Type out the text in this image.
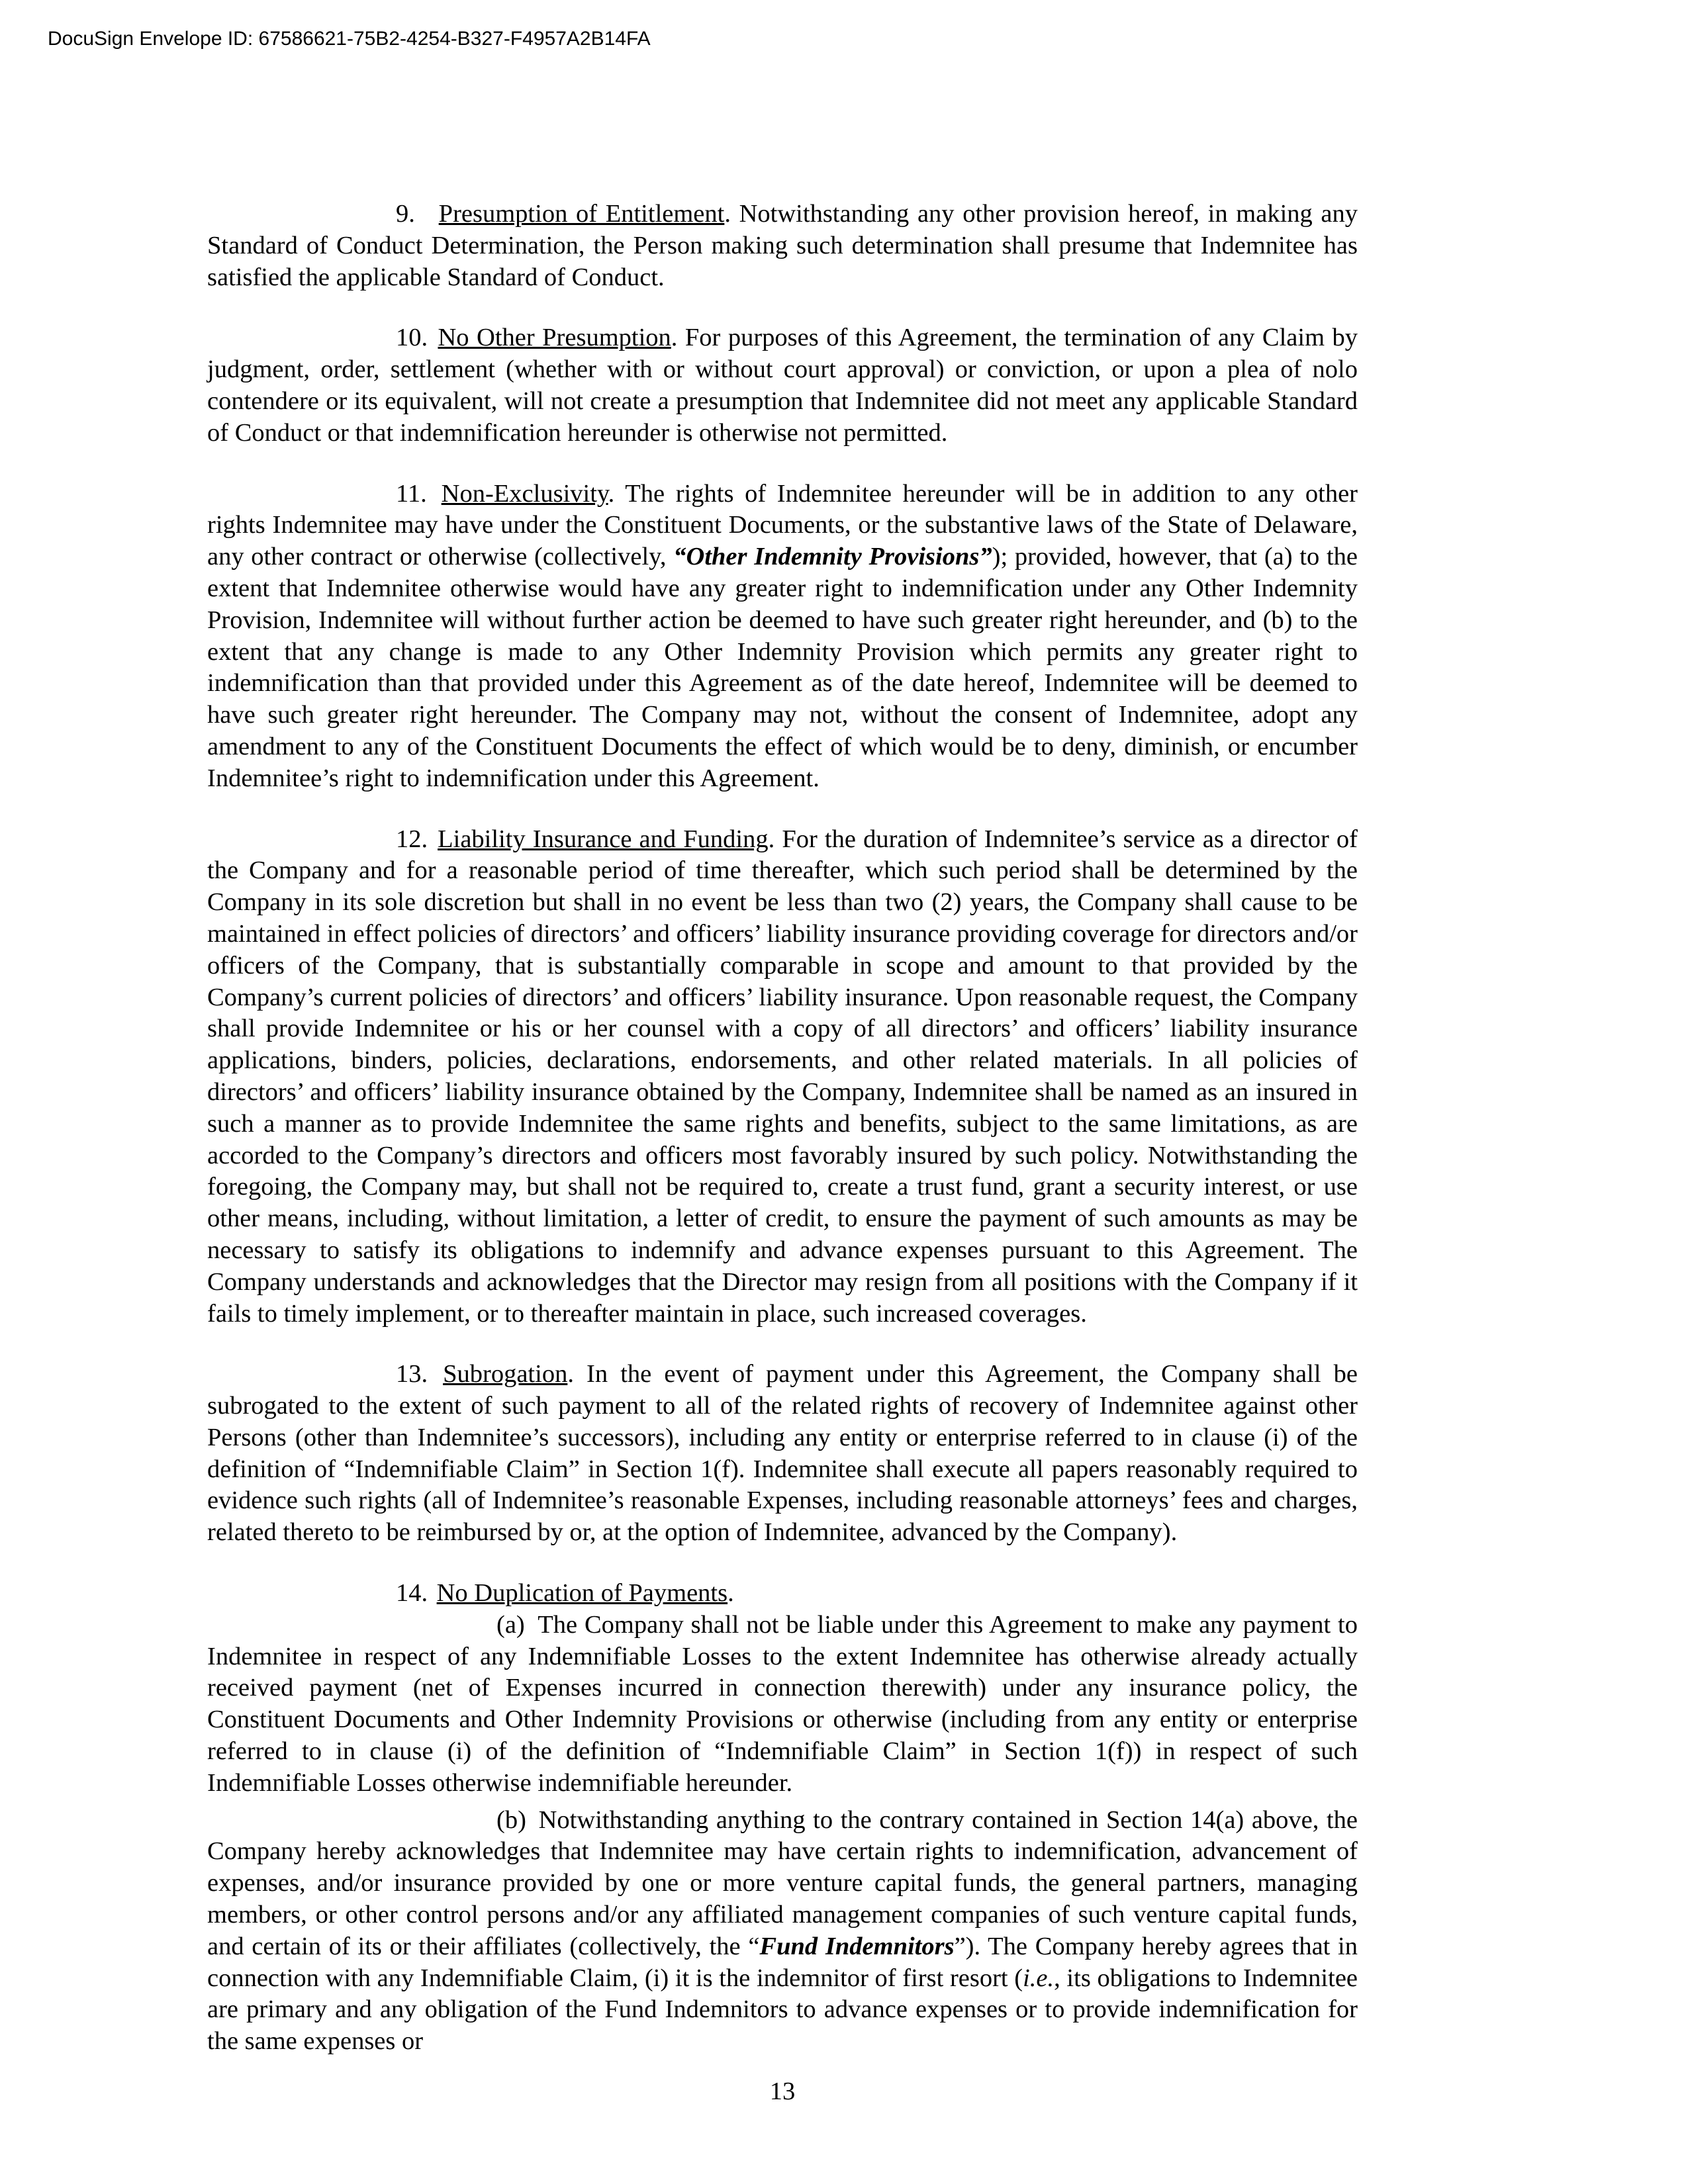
DocuSign Envelope ID: 67586621-75B2-4254-B327-F4957A2B14FA

9. Presumption of Entitlement. Notwithstanding any other provision hereof, in making any Standard of Conduct Determination, the Person making such determination shall presume that Indemnitee has satisfied the applicable Standard of Conduct.

10. No Other Presumption. For purposes of this Agreement, the termination of any Claim by judgment, order, settlement (whether with or without court approval) or conviction, or upon a plea of nolo contendere or its equivalent, will not create a presumption that Indemnitee did not meet any applicable Standard of Conduct or that indemnification hereunder is otherwise not permitted.

11. Non-Exclusivity. The rights of Indemnitee hereunder will be in addition to any other rights Indemnitee may have under the Constituent Documents, or the substantive laws of the State of Delaware, any other contract or otherwise (collectively, “Other Indemnity Provisions”); provided, however, that (a) to the extent that Indemnitee otherwise would have any greater right to indemnification under any Other Indemnity Provision, Indemnitee will without further action be deemed to have such greater right hereunder, and (b) to the extent that any change is made to any Other Indemnity Provision which permits any greater right to indemnification than that provided under this Agreement as of the date hereof, Indemnitee will be deemed to have such greater right hereunder. The Company may not, without the consent of Indemnitee, adopt any amendment to any of the Constituent Documents the effect of which would be to deny, diminish, or encumber Indemnitee’s right to indemnification under this Agreement.

12. Liability Insurance and Funding. For the duration of Indemnitee’s service as a director of the Company and for a reasonable period of time thereafter, which such period shall be determined by the Company in its sole discretion but shall in no event be less than two (2) years, the Company shall cause to be maintained in effect policies of directors’ and officers’ liability insurance providing coverage for directors and/or officers of the Company, that is substantially comparable in scope and amount to that provided by the Company’s current policies of directors’ and officers’ liability insurance. Upon reasonable request, the Company shall provide Indemnitee or his or her counsel with a copy of all directors’ and officers’ liability insurance applications, binders, policies, declarations, endorsements, and other related materials. In all policies of directors’ and officers’ liability insurance obtained by the Company, Indemnitee shall be named as an insured in such a manner as to provide Indemnitee the same rights and benefits, subject to the same limitations, as are accorded to the Company’s directors and officers most favorably insured by such policy. Notwithstanding the foregoing, the Company may, but shall not be required to, create a trust fund, grant a security interest, or use other means, including, without limitation, a letter of credit, to ensure the payment of such amounts as may be necessary to satisfy its obligations to indemnify and advance expenses pursuant to this Agreement. The Company understands and acknowledges that the Director may resign from all positions with the Company if it fails to timely implement, or to thereafter maintain in place, such increased coverages.

13. Subrogation. In the event of payment under this Agreement, the Company shall be subrogated to the extent of such payment to all of the related rights of recovery of Indemnitee against other Persons (other than Indemnitee’s successors), including any entity or enterprise referred to in clause (i) of the definition of “Indemnifiable Claim” in Section 1(f). Indemnitee shall execute all papers reasonably required to evidence such rights (all of Indemnitee’s reasonable Expenses, including reasonable attorneys’ fees and charges, related thereto to be reimbursed by or, at the option of Indemnitee, advanced by the Company).

14. No Duplication of Payments.

(a) The Company shall not be liable under this Agreement to make any payment to Indemnitee in respect of any Indemnifiable Losses to the extent Indemnitee has otherwise already actually received payment (net of Expenses incurred in connection therewith) under any insurance policy, the Constituent Documents and Other Indemnity Provisions or otherwise (including from any entity or enterprise referred to in clause (i) of the definition of “Indemnifiable Claim” in Section 1(f)) in respect of such Indemnifiable Losses otherwise indemnifiable hereunder.

(b) Notwithstanding anything to the contrary contained in Section 14(a) above, the Company hereby acknowledges that Indemnitee may have certain rights to indemnification, advancement of expenses, and/or insurance provided by one or more venture capital funds, the general partners, managing members, or other control persons and/or any affiliated management companies of such venture capital funds, and certain of its or their affiliates (collectively, the “Fund Indemnitors”). The Company hereby agrees that in connection with any Indemnifiable Claim, (i) it is the indemnitor of first resort (i.e., its obligations to Indemnitee are primary and any obligation of the Fund Indemnitors to advance expenses or to provide indemnification for the same expenses or

13
